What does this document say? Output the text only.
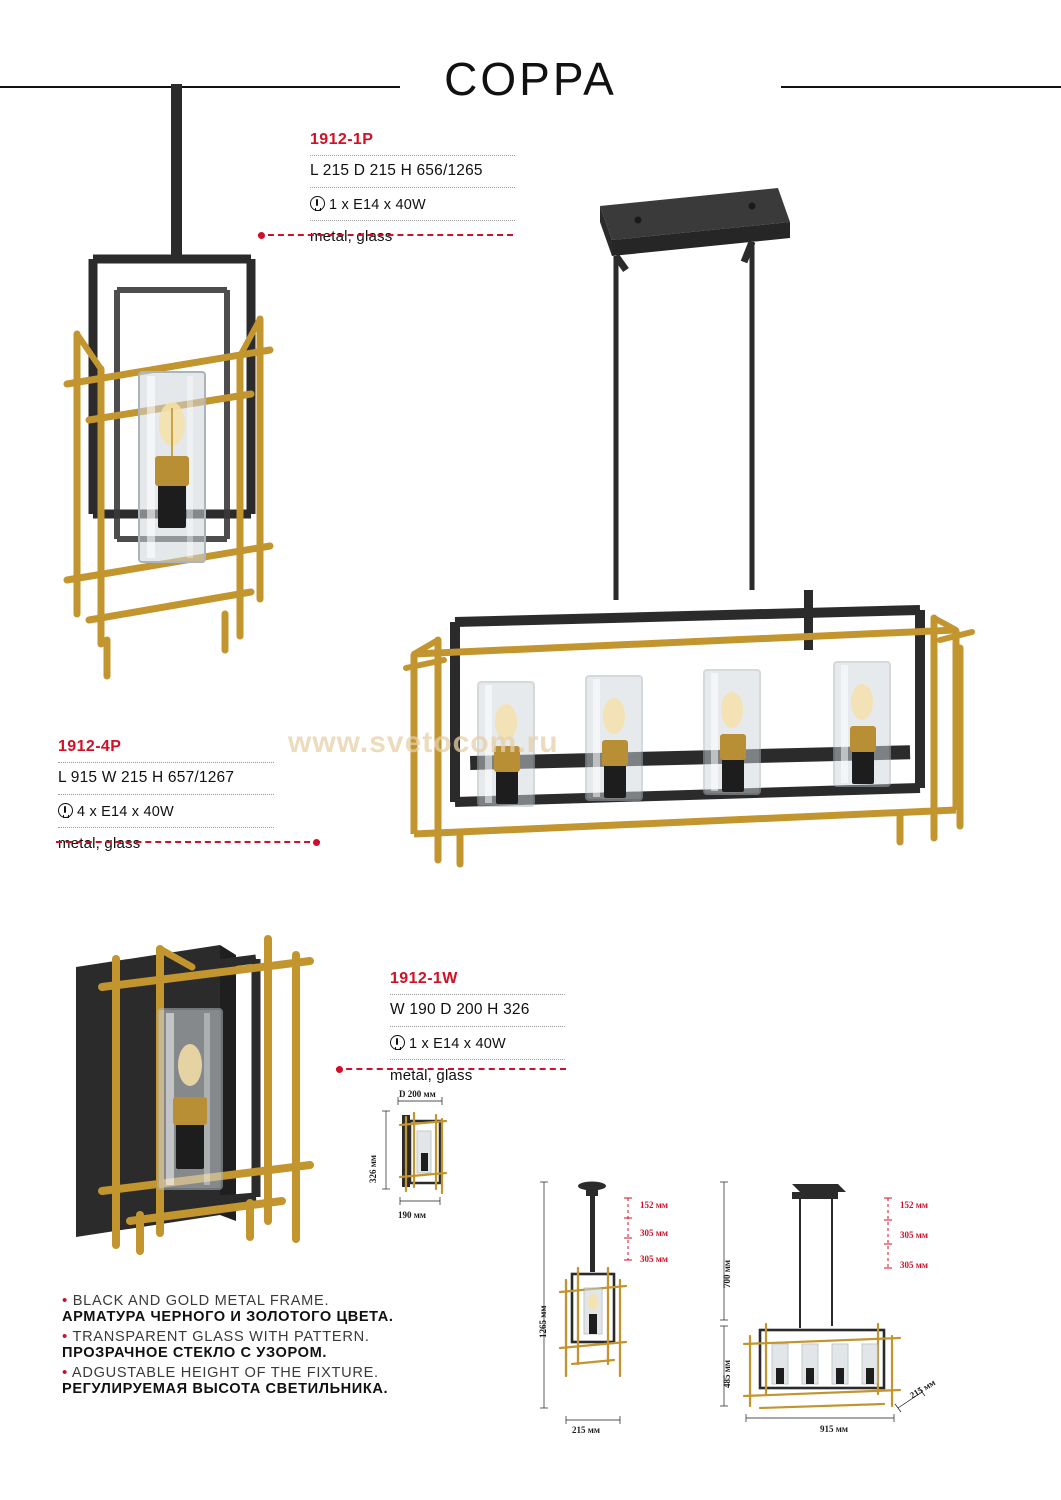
COPPA
1912-1P
L 215 D 215 H 656/1265
1 x E14 x 40W
metal, glass
www.svetocom.ru
1912-4P
L 915 W 215 H 657/1267
4 x E14 x 40W
metal, glass
1912-1W
W 190 D 200 H 326
1 x E14 x 40W
metal, glass
D 200 мм
326 мм
190 мм
1265 мм
215 мм
152 мм
305 мм
305 мм
700 мм
485 мм
915 мм
215 мм
152 мм
305 мм
305 мм
• BLACK AND GOLD METAL FRAME.
АРМАТУРА ЧЕРНОГО И ЗОЛОТОГО ЦВЕТА.
• TRANSPARENT GLASS WITH PATTERN.
ПРОЗРАЧНОЕ СТЕКЛО С УЗОРОМ.
• ADGUSTABLE HEIGHT OF THE FIXTURE.
РЕГУЛИРУЕМАЯ ВЫСОТА СВЕТИЛЬНИКА.
